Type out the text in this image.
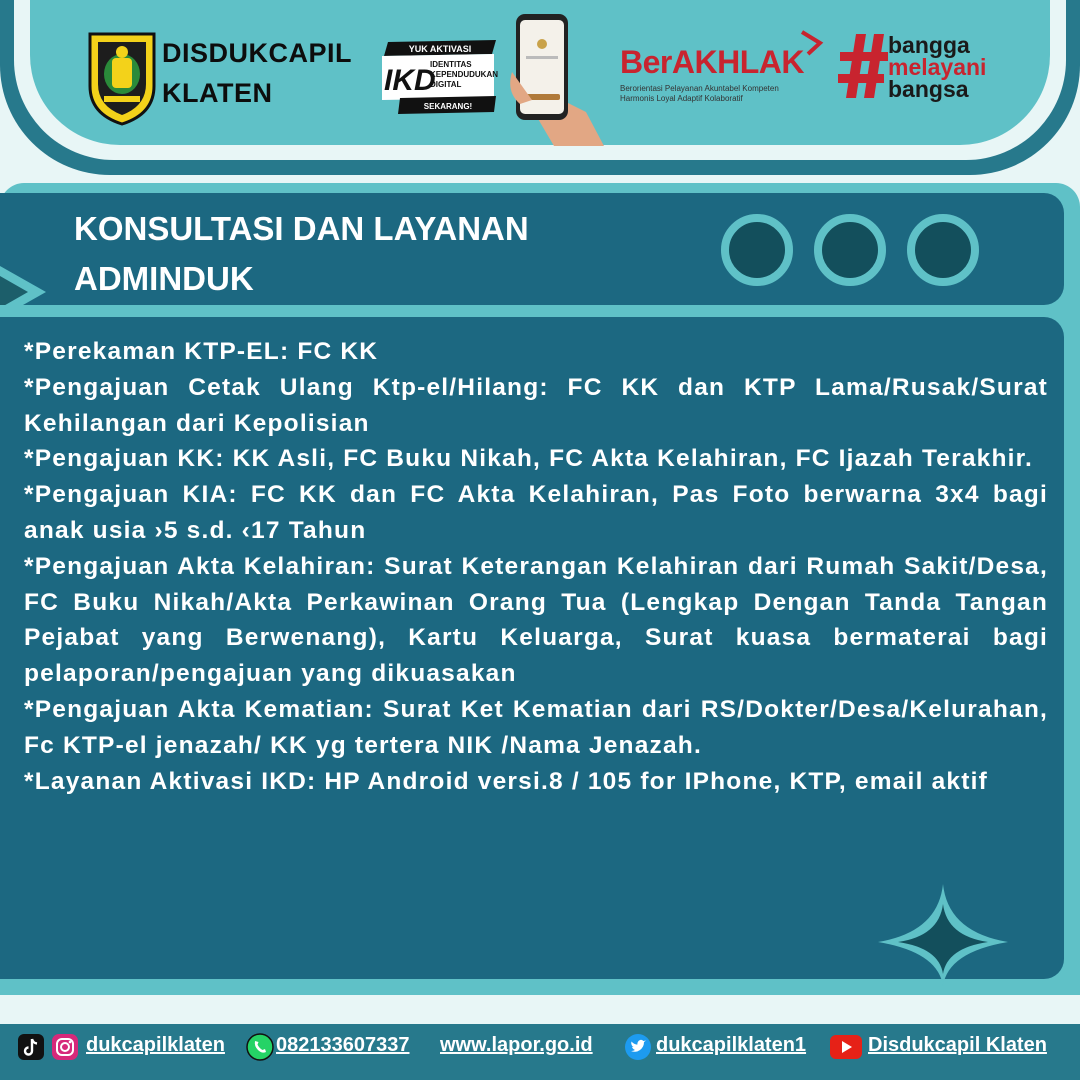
DISDUKCAPIL
KLATEN
YUK AKTIVASI
IKD
IDENTITAS
KEPENDUDUKAN
DIGITAL
SEKARANG!
BerAKHLAK
Berorientasi Pelayanan Akuntabel Kompeten
Harmonis Loyal Adaptif Kolaboratif
bangga
melayani
bangsa
KONSULTASI DAN LAYANAN
ADMINDUK
*Perekaman KTP-EL: FC KK
*Pengajuan Cetak Ulang Ktp-el/Hilang: FC KK dan KTP Lama/Rusak/Surat Kehilangan dari Kepolisian
*Pengajuan KK: KK Asli, FC Buku Nikah, FC Akta Kelahiran, FC Ijazah Terakhir.
*Pengajuan KIA: FC KK dan FC Akta Kelahiran, Pas Foto berwarna 3x4 bagi anak usia ›5 s.d. ‹17 Tahun
*Pengajuan Akta Kelahiran: Surat Keterangan Kelahiran dari Rumah Sakit/Desa, FC Buku Nikah/Akta Perkawinan Orang Tua (Lengkap Dengan Tanda Tangan Pejabat yang Berwenang), Kartu Keluarga, Surat kuasa bermaterai bagi pelaporan/pengajuan yang dikuasakan
*Pengajuan Akta Kematian: Surat Ket Kematian dari RS/Dokter/Desa/Kelurahan, Fc KTP-el jenazah/ KK yg tertera NIK /Nama Jenazah.
*Layanan Aktivasi IKD: HP Android versi.8 / 105 for IPhone, KTP, email aktif
dukcapilklaten	082133607337 www.lapor.go.id	dukcapilklaten1	Disdukcapil Klaten
